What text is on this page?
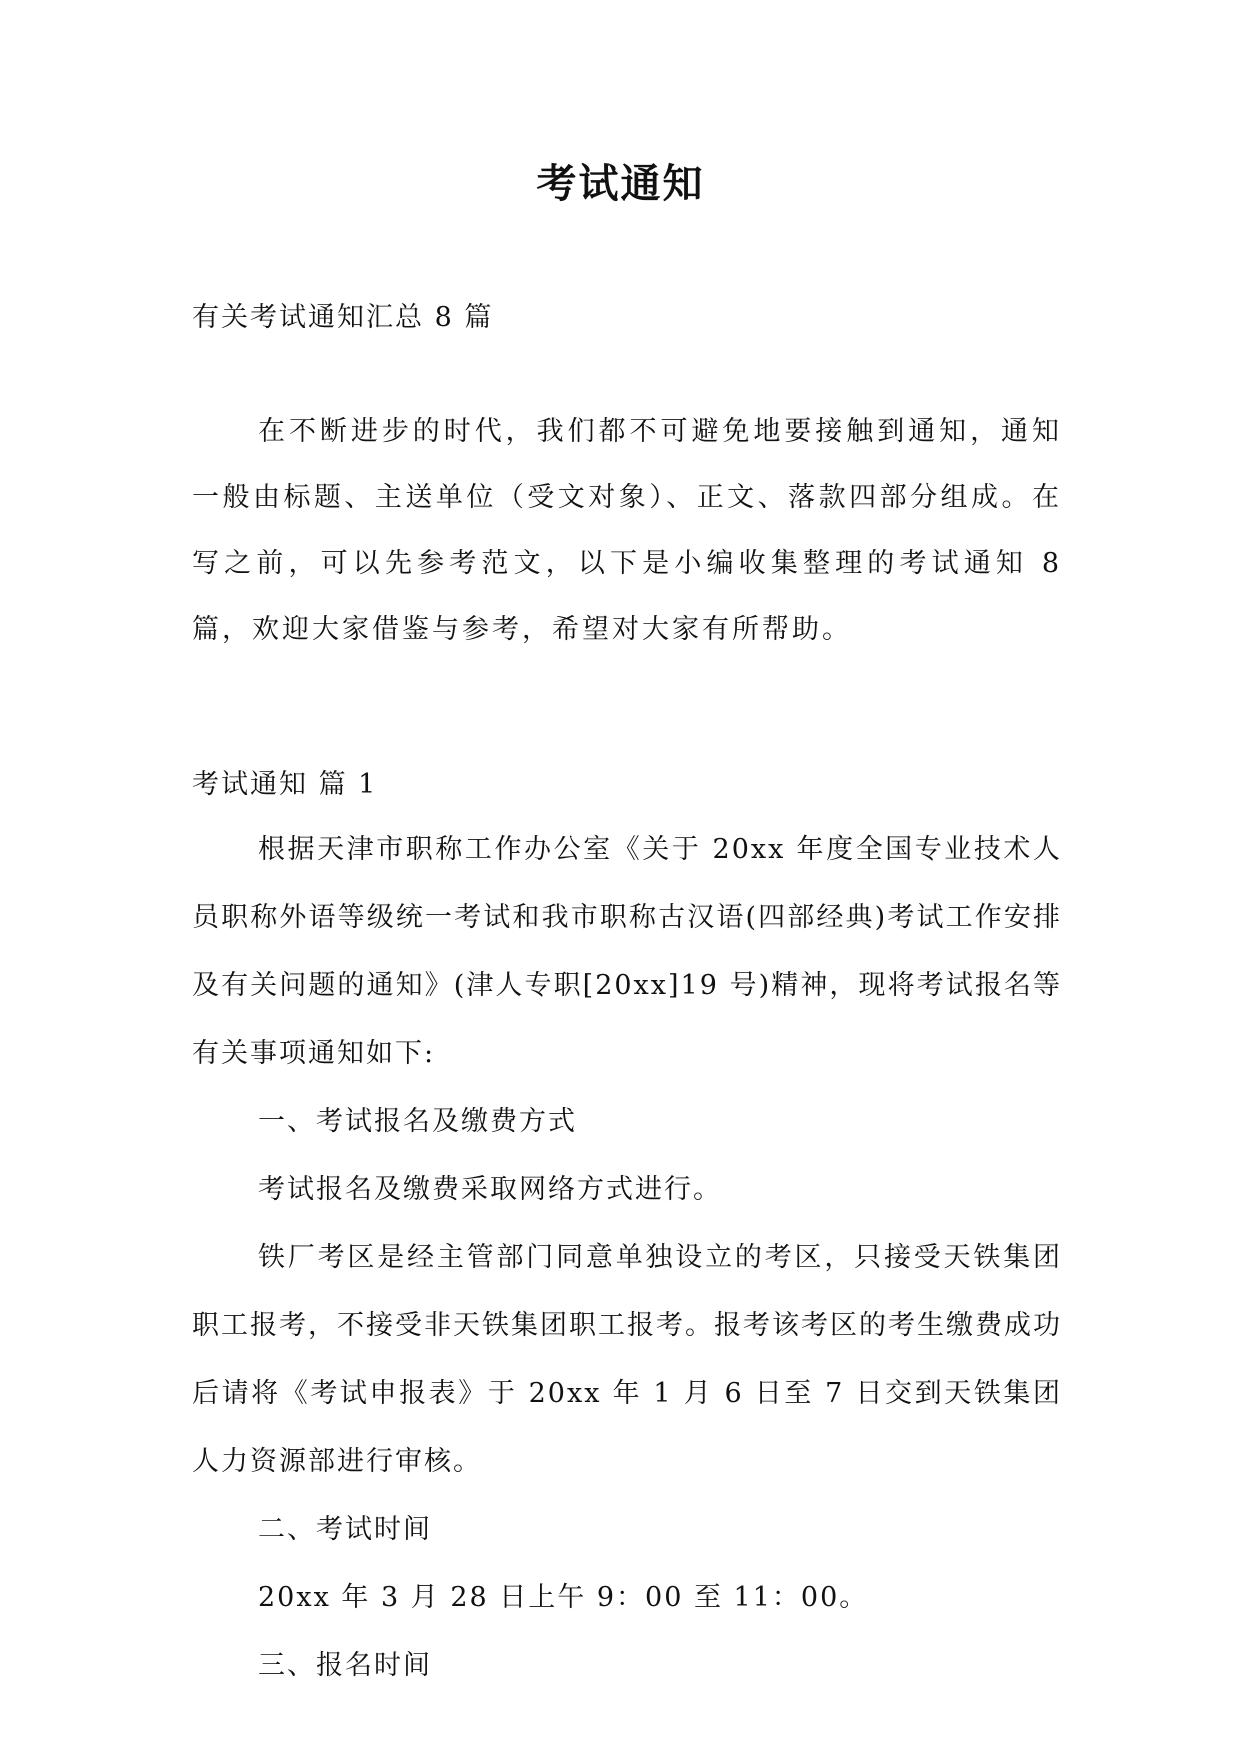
考试通知
有关考试通知汇总 8 篇

在不断进步的时代，我们都不可避免地要接触到通知，通知一般由标题、主送单位（受文对象）、正文、落款四部分组成。在写之前，可以先参考范文，以下是小编收集整理的考试通知 8 篇，欢迎大家借鉴与参考，希望对大家有所帮助。

考试通知 篇 1

根据天津市职称工作办公室《关于 20xx 年度全国专业技术人员职称外语等级统一考试和我市职称古汉语(四部经典)考试工作安排及有关问题的通知》(津人专职[20xx]19 号)精神，现将考试报名等有关事项通知如下:

一、考试报名及缴费方式

考试报名及缴费采取网络方式进行。

铁厂考区是经主管部门同意单独设立的考区，只接受天铁集团职工报考，不接受非天铁集团职工报考。报考该考区的考生缴费成功后请将《考试申报表》于 20xx 年 1 月 6 日至 7 日交到天铁集团人力资源部进行审核。

二、考试时间

20xx 年 3 月 28 日上午 9：00 至 11：00。

三、报名时间
